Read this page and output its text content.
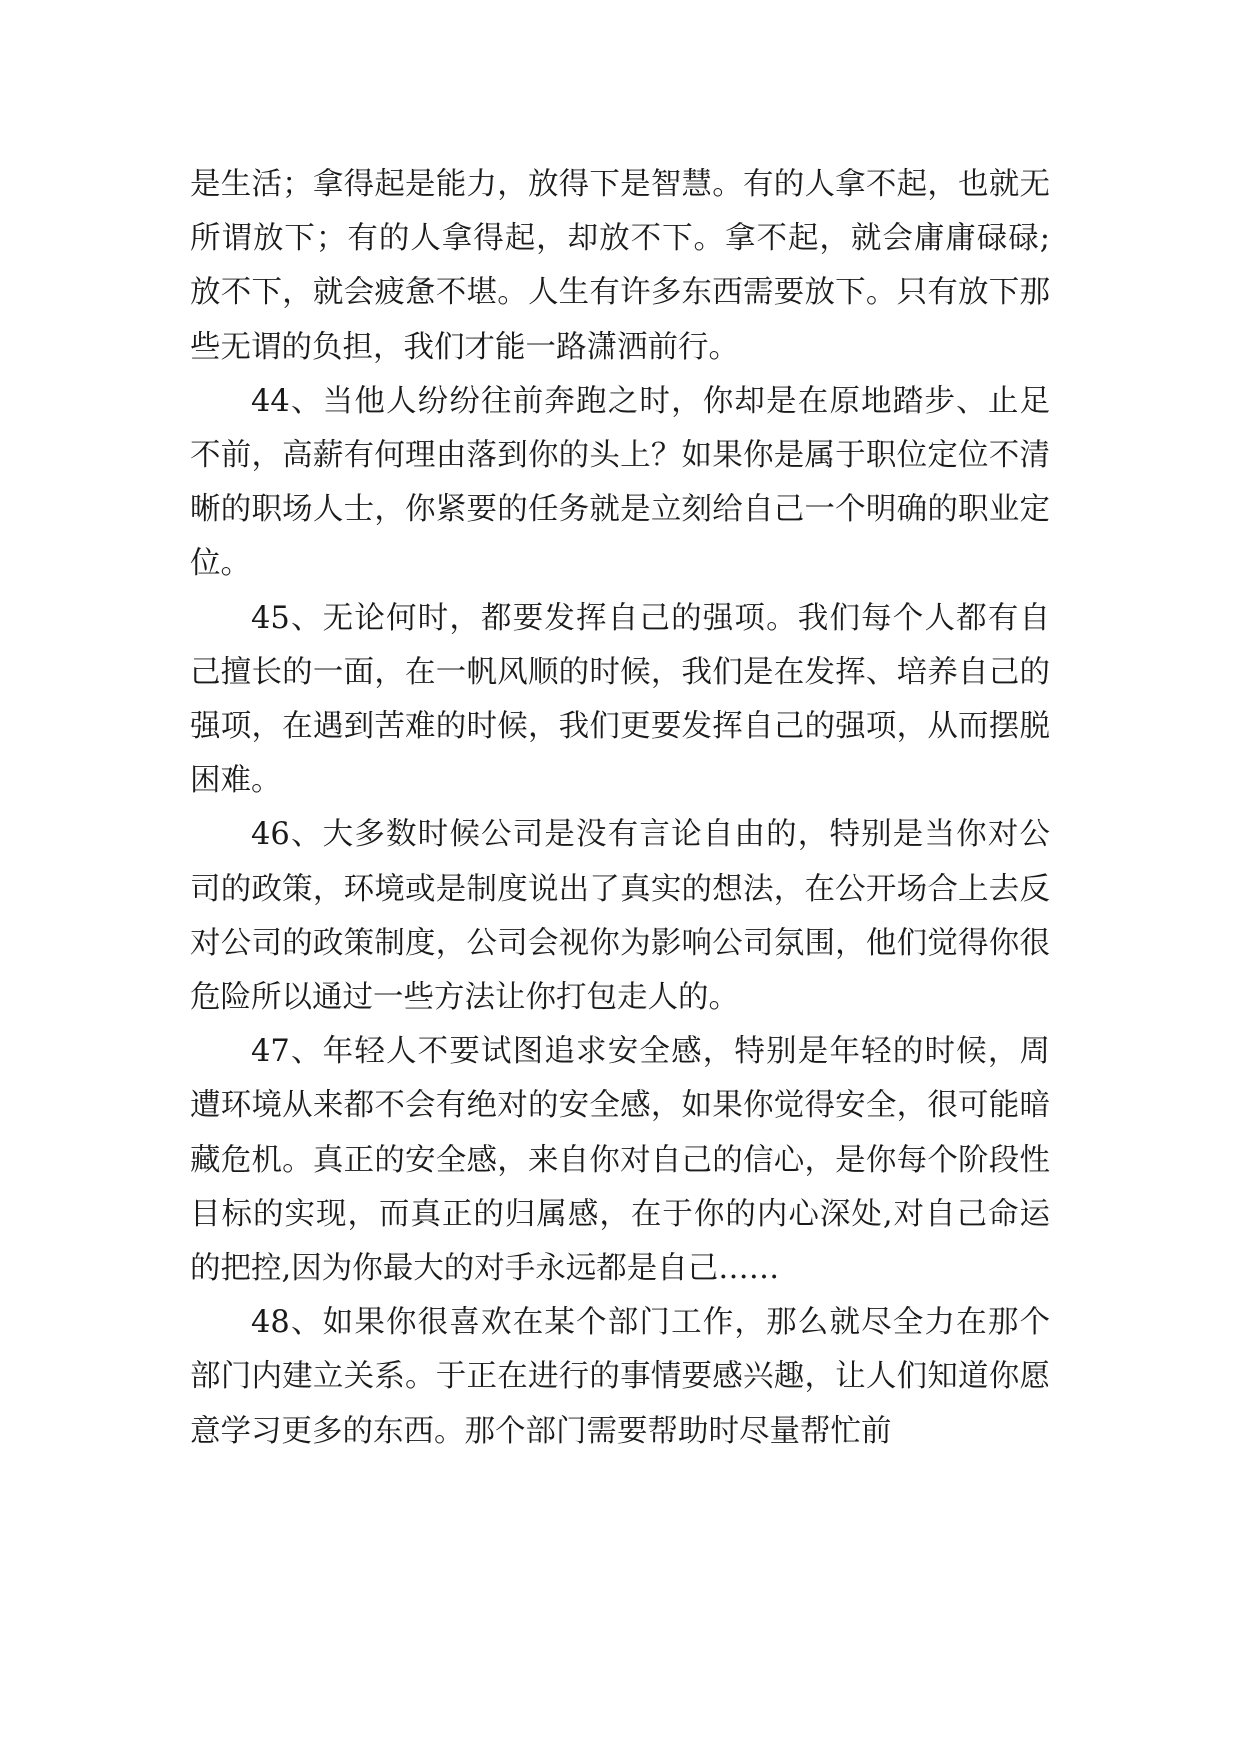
是生活；拿得起是能力，放得下是智慧。有的人拿不起，也就无所谓放下；有的人拿得起，却放不下。拿不起，就会庸庸碌碌; 放不下，就会疲惫不堪。人生有许多东西需要放下。只有放下那些无谓的负担，我们才能一路潇洒前行。

44、当他人纷纷往前奔跑之时，你却是在原地踏步、止足不前，高薪有何理由落到你的头上？如果你是属于职位定位不清晰的职场人士，你紧要的任务就是立刻给自己一个明确的职业定位。

45、无论何时，都要发挥自己的强项。我们每个人都有自己擅长的一面，在一帆风顺的时候，我们是在发挥、培养自己的强项，在遇到苦难的时候，我们更要发挥自己的强项，从而摆脱困难。

46、大多数时候公司是没有言论自由的，特别是当你对公司的政策，环境或是制度说出了真实的想法，在公开场合上去反对公司的政策制度，公司会视你为影响公司氛围，他们觉得你很危险所以通过一些方法让你打包走人的。

47、年轻人不要试图追求安全感，特别是年轻的时候，周遭环境从来都不会有绝对的安全感，如果你觉得安全，很可能暗藏危机。真正的安全感，来自你对自己的信心，是你每个阶段性目标的实现，而真正的归属感，在于你的内心深处,对自己命运的把控,因为你最大的对手永远都是自己……

48、如果你很喜欢在某个部门工作，那么就尽全力在那个部门内建立关系。于正在进行的事情要感兴趣，让人们知道你愿意学习更多的东西。那个部门需要帮助时尽量帮忙前
